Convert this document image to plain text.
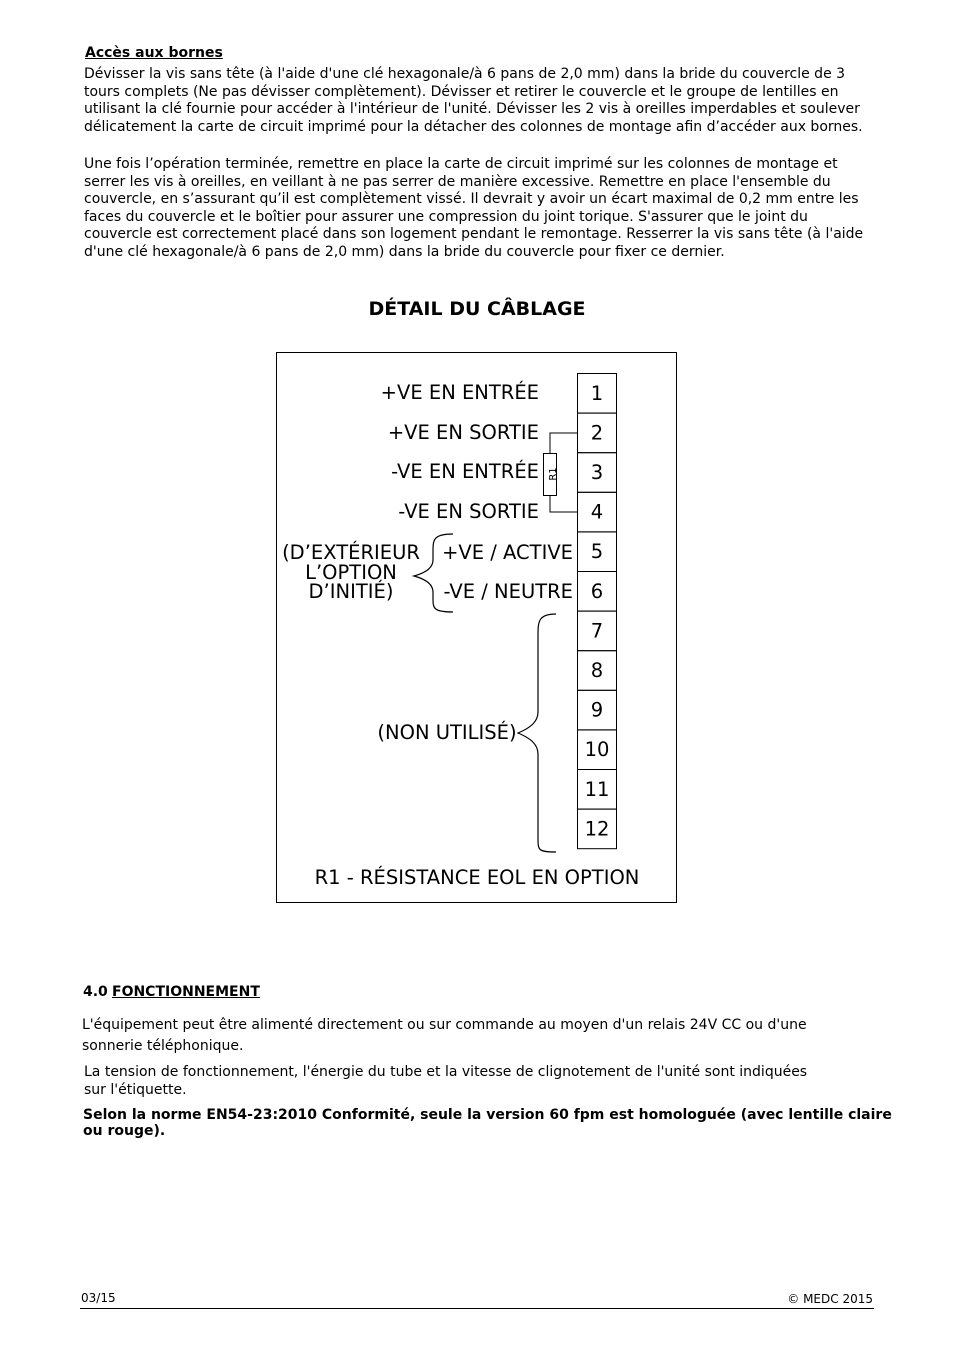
Accès aux bornes
Dévisser la vis sans tête (à l'aide d'une clé hexagonale/à 6 pans de 2,0 mm) dans la bride du couvercle de 3 tours complets (Ne pas dévisser complètement). Dévisser et retirer le couvercle et le groupe de lentilles en utilisant la clé fournie pour accéder à l'intérieur de l'unité. Dévisser les 2 vis à oreilles imperdables et soulever délicatement la carte de circuit imprimé pour la détacher des colonnes de montage afin d’accéder aux bornes.
Une fois l’opération terminée, remettre en place la carte de circuit imprimé sur les colonnes de montage et serrer les vis à oreilles, en veillant à ne pas serrer de manière excessive. Remettre en place l'ensemble du couvercle, en s’assurant qu’il est complètement vissé. Il devrait y avoir un écart maximal de 0,2 mm entre les faces du couvercle et le boîtier pour assurer une compression du joint torique. S'assurer que le joint du couvercle est correctement placé dans son logement pendant le remontage. Resserrer la vis sans tête (à l'aide d'une clé hexagonale/à 6 pans de 2,0 mm) dans la bride du couvercle pour fixer ce dernier.
DÉTAIL DU CÂBLAGE
1
2
3
4
5
6
7
8
9
10
11
12
+VE EN ENTRÉE
+VE EN SORTIE
-VE EN ENTRÉE
-VE EN SORTIE
+VE / ACTIVE
-VE / NEUTRE
R1
(D’EXTÉRIEUR
L’OPTION
D’INITIÉ)
(NON UTILISÉ)
R1 - RÉSISTANCE EOL EN OPTION
4.0 FONCTIONNEMENT
L'équipement peut être alimenté directement ou sur commande au moyen d'un relais 24V CC ou d'une sonnerie téléphonique.
La tension de fonctionnement, l'énergie du tube et la vitesse de clignotement de l'unité sont indiquées sur l'étiquette.
Selon la norme EN54-23:2010 Conformité, seule la version 60 fpm est homologuée (avec lentille claire ou rouge).
03/15	© MEDC 2015
